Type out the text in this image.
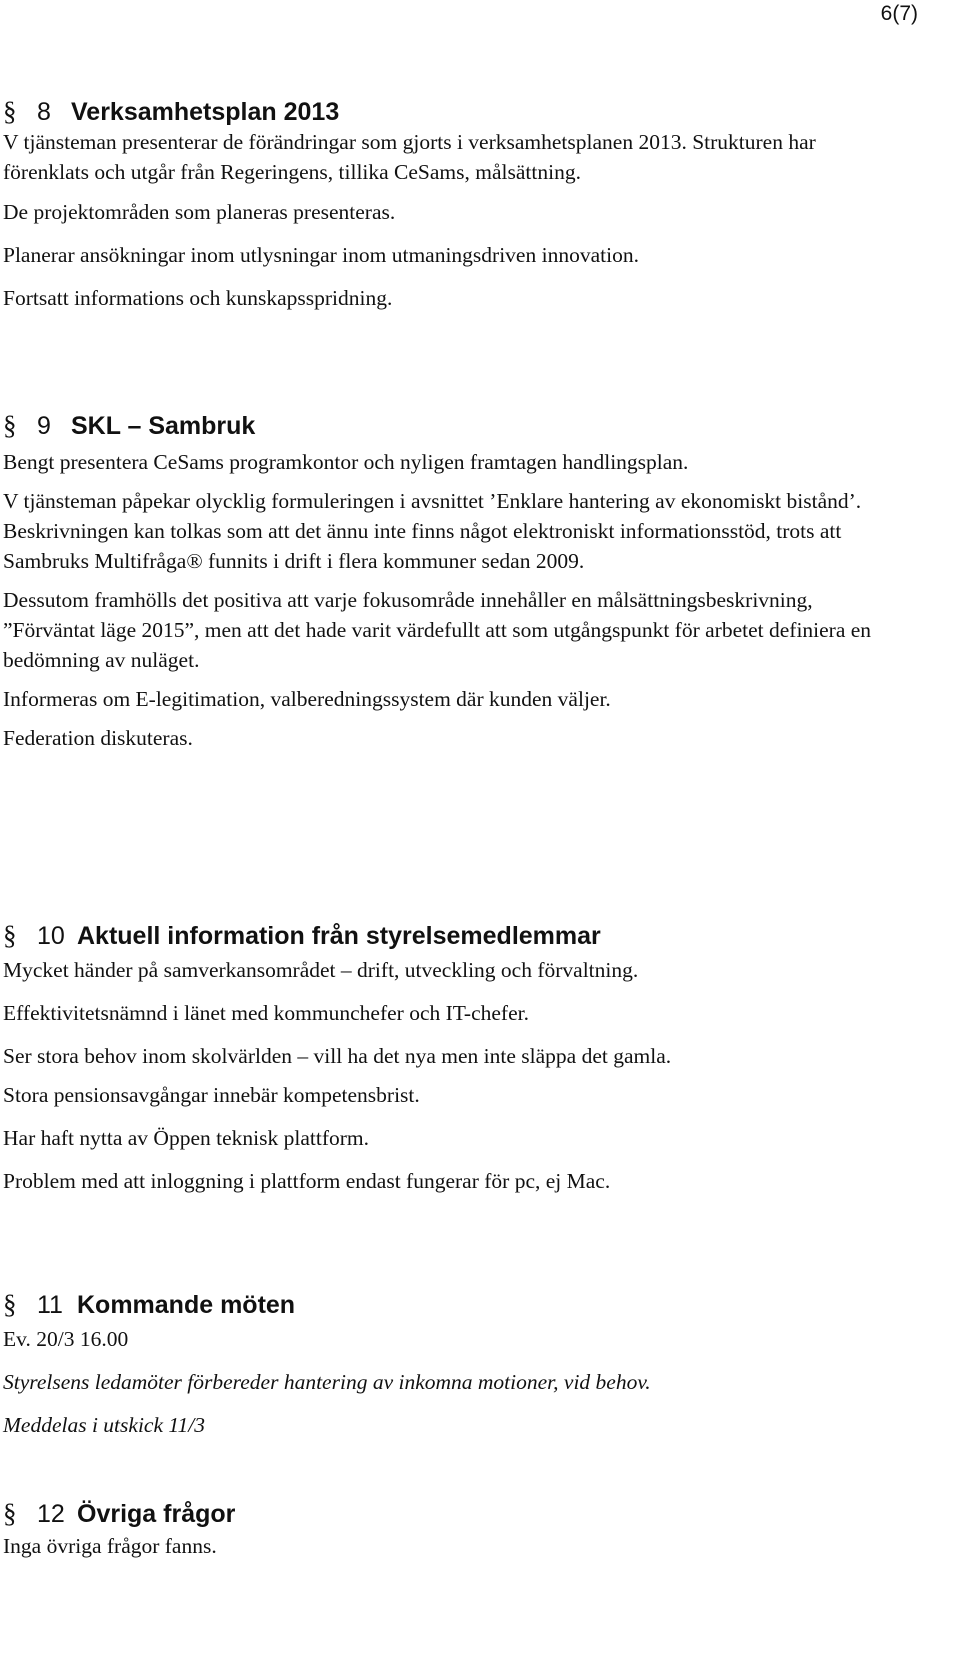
6(7)
§ 8 Verksamhetsplan 2013

V tjänsteman presenterar de förändringar som gjorts i verksamhetsplanen 2013. Strukturen har förenklats och utgår från Regeringens, tillika CeSams, målsättning.

De projektområden som planeras presenteras.

Planerar ansökningar inom utlysningar inom utmaningsdriven innovation.

Fortsatt informations och kunskapsspridning.

§ 9 SKL – Sambruk

Bengt presentera CeSams programkontor och nyligen framtagen handlingsplan.

V tjänsteman påpekar olycklig formuleringen i avsnittet ’Enklare hantering av ekonomiskt bistånd’. Beskrivningen kan tolkas som att det ännu inte finns något elektroniskt informationsstöd, trots att Sambruks Multifråga® funnits i drift i flera kommuner sedan 2009.

Dessutom framhölls det positiva att varje fokusområde innehåller en målsättningsbeskrivning, ”Förväntat läge 2015”, men att det hade varit värdefullt att som utgångspunkt för arbetet definiera en bedömning av nuläget.

Informeras om E-legitimation, valberedningssystem där kunden väljer.

Federation diskuteras.

§ 10 Aktuell information från styrelsemedlemmar

Mycket händer på samverkansområdet – drift, utveckling och förvaltning.

Effektivitetsnämnd i länet med kommunchefer och IT-chefer.

Ser stora behov inom skolvärlden – vill ha det nya men inte släppa det gamla.

Stora pensionsavgångar innebär kompetensbrist.

Har haft nytta av Öppen teknisk plattform.

Problem med att inloggning i plattform endast fungerar för pc, ej Mac.

§ 11 Kommande möten

Ev. 20/3 16.00

Styrelsens ledamöter förbereder hantering av inkomna motioner, vid behov.

Meddelas i utskick 11/3

§ 12 Övriga frågor

Inga övriga frågor fanns.
